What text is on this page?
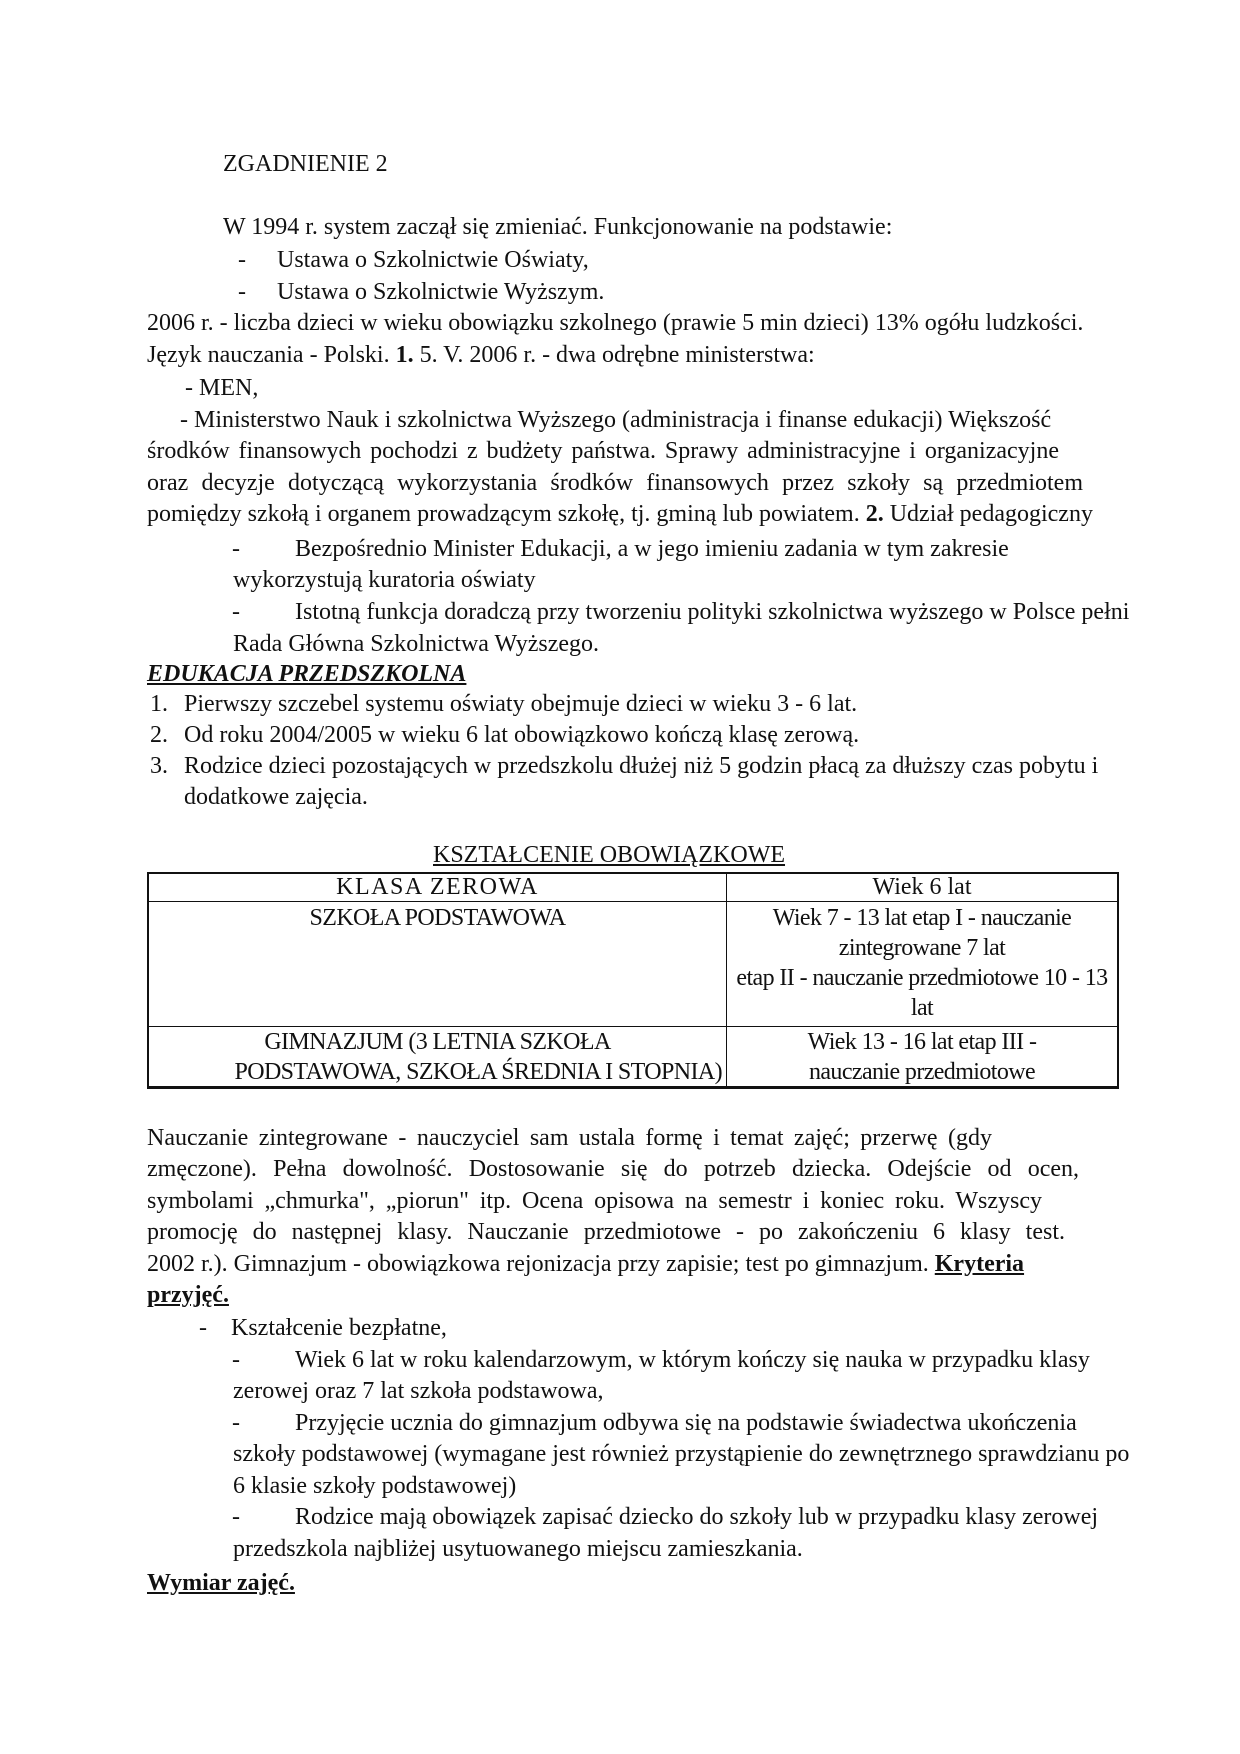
ZGADNIENIE 2
W 1994 r. system zaczął się zmieniać. Funkcjonowanie na podstawie:
- Ustawa o Szkolnictwie Oświaty,
- Ustawa o Szkolnictwie Wyższym.
2006 r. - liczba dzieci w wieku obowiązku szkolnego (prawie 5 min dzieci) 13% ogółu ludzkości.
Język nauczania - Polski. 1. 5. V. 2006 r. - dwa odrębne ministerstwa:
- MEN,
- Ministerstwo Nauk i szkolnictwa Wyższego (administracja i finanse edukacji) Większość
środków finansowych pochodzi z budżety państwa. Sprawy administracyjne i organizacyjne
oraz decyzje dotyczącą wykorzystania środków finansowych przez szkoły są przedmiotem
pomiędzy szkołą i organem prowadzącym szkołę, tj. gminą lub powiatem. 2. Udział pedagogiczny
- Bezpośrednio Minister Edukacji, a w jego imieniu zadania w tym zakresie
wykorzystują kuratoria oświaty
- Istotną funkcja doradczą przy tworzeniu polityki szkolnictwa wyższego w Polsce pełni
Rada Główna Szkolnictwa Wyższego.
EDUKACJA PRZEDSZKOLNA
1. Pierwszy szczebel systemu oświaty obejmuje dzieci w wieku 3 - 6 lat.
2. Od roku 2004/2005 w wieku 6 lat obowiązkowo kończą klasę zerową.
3. Rodzice dzieci pozostających w przedszkolu dłużej niż 5 godzin płacą za dłuższy czas pobytu i
dodatkowe zajęcia.
KSZTAŁCENIE OBOWIĄZKOWE
KLASA ZEROWA	Wiek 6 lat
SZKOŁA PODSTAWOWA	Wiek 7 - 13 lat etap I - nauczanie
zintegrowane 7 lat
etap II - nauczanie przedmiotowe 10 - 13
lat
GIMNAZJUM (3 LETNIA SZKOŁA
PODSTAWOWA, SZKOŁA ŚREDNIA I STOPNIA)
Wiek 13 - 16 lat etap III -
nauczanie przedmiotowe
Nauczanie zintegrowane - nauczyciel sam ustala formę i temat zajęć; przerwę (gdy
zmęczone). Pełna dowolność. Dostosowanie się do potrzeb dziecka. Odejście od ocen,
symbolami „chmurka", „piorun" itp. Ocena opisowa na semestr i koniec roku. Wszyscy
promocję do następnej klasy. Nauczanie przedmiotowe - po zakończeniu 6 klasy test.
2002 r.). Gimnazjum - obowiązkowa rejonizacja przy zapisie; test po gimnazjum. Kryteria
przyjęć.
- Kształcenie bezpłatne,
- Wiek 6 lat w roku kalendarzowym, w którym kończy się nauka w przypadku klasy
zerowej oraz 7 lat szkoła podstawowa,
- Przyjęcie ucznia do gimnazjum odbywa się na podstawie świadectwa ukończenia
szkoły podstawowej (wymagane jest również przystąpienie do zewnętrznego sprawdzianu po
6 klasie szkoły podstawowej)
- Rodzice mają obowiązek zapisać dziecko do szkoły lub w przypadku klasy zerowej
przedszkola najbliżej usytuowanego miejscu zamieszkania.
Wymiar zajęć.
